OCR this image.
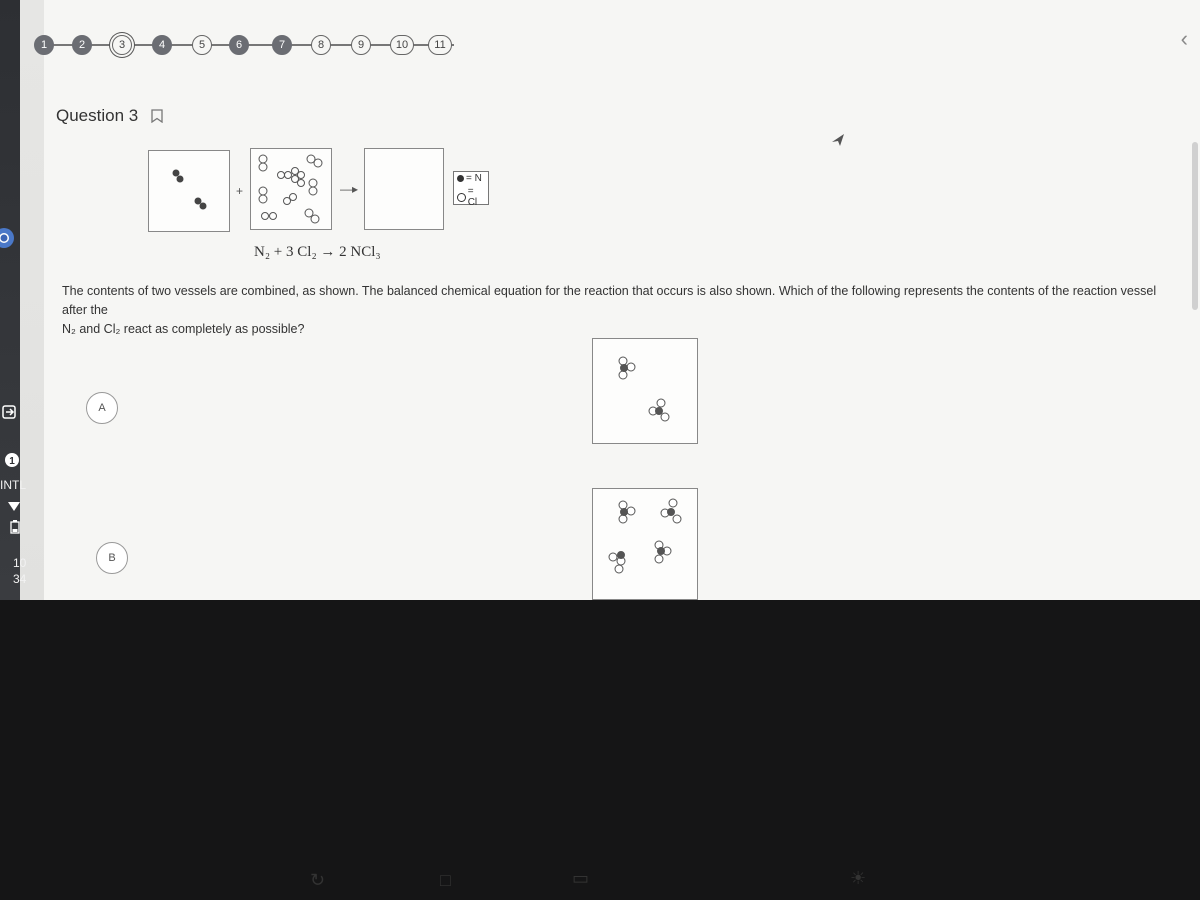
1
INTL
10
34
1	2	3	4	5	6	7	8	9	10	11	‹
Question 3
+	—▸
= N
= Cl
N₂ + 3 Cl₂ → 2 NCl₃
The contents of two vessels are combined, as shown. The balanced chemical equation for the reaction that occurs is also shown. Which of the following represents the contents of the reaction vessel after the
N₂ and Cl₂ react as completely as possible?
A
B
↻	□	▭	☀
